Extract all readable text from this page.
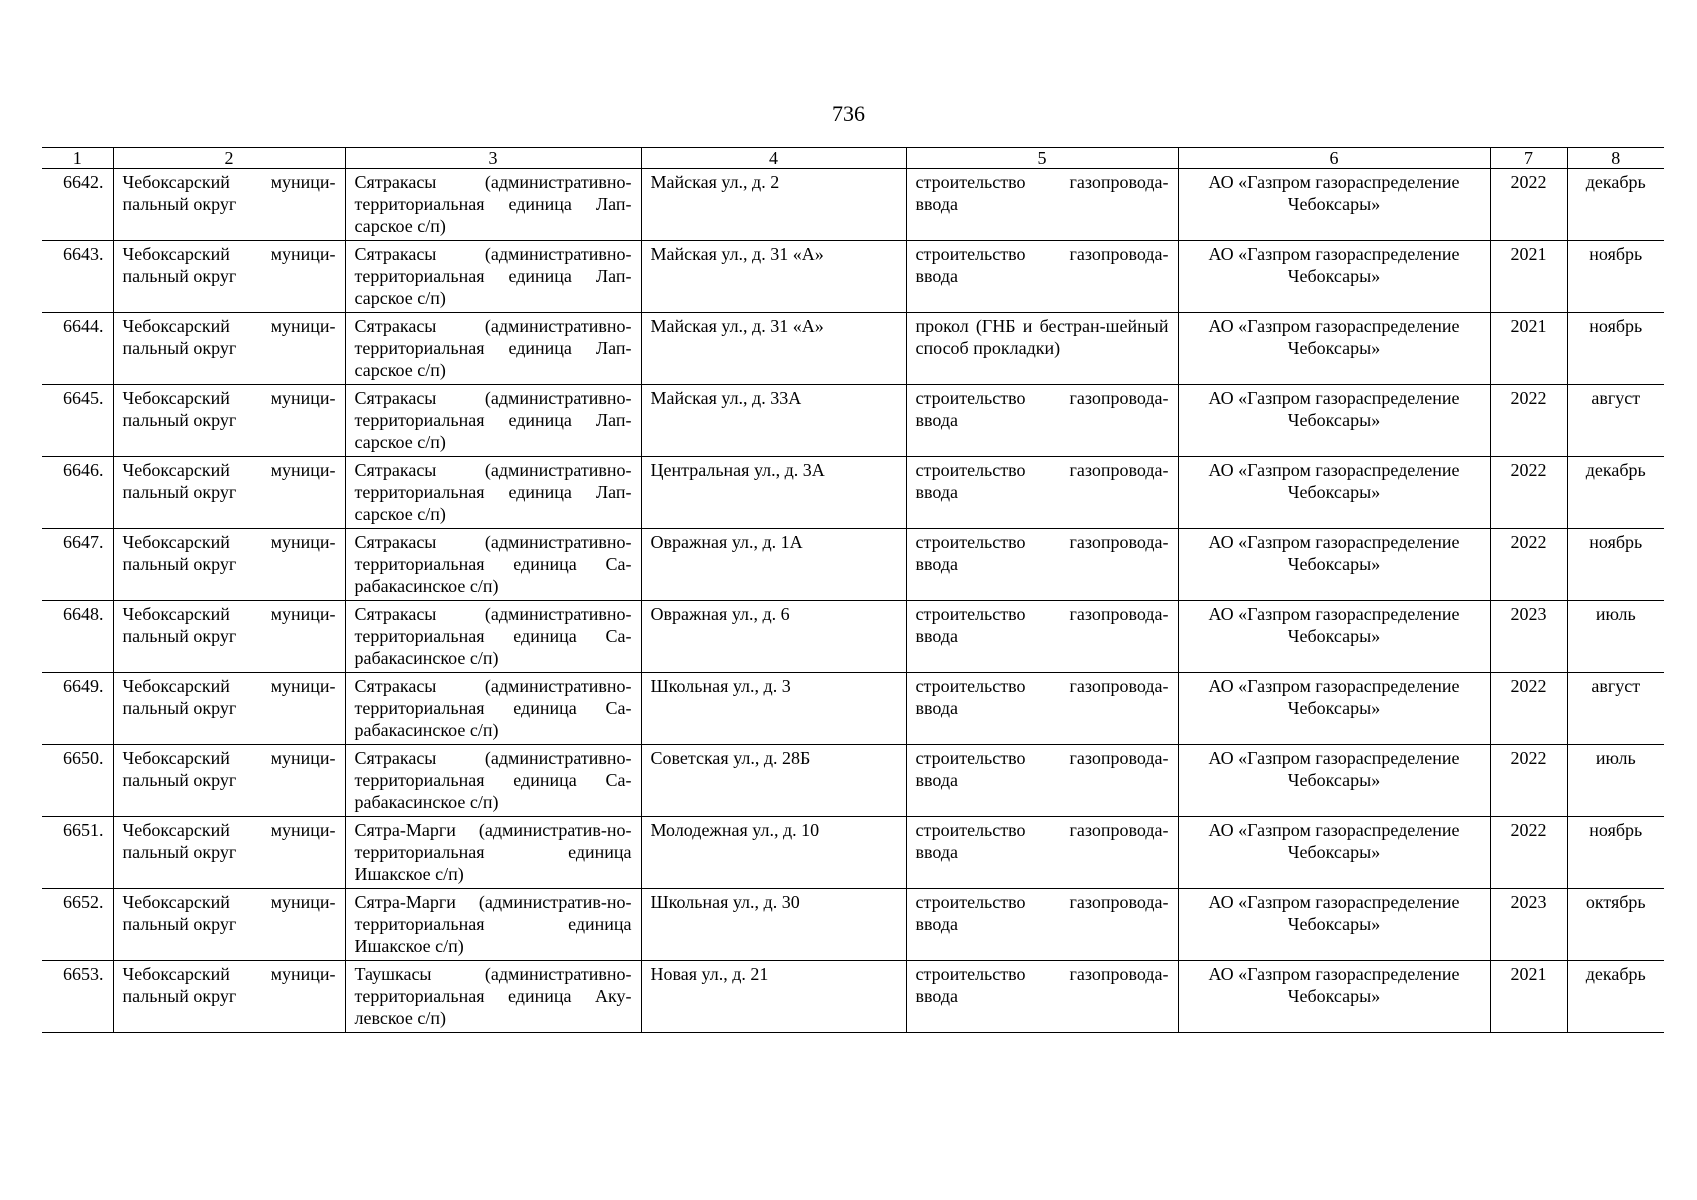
736
1	2	3	4	5	6	7	8
6642.	Чебоксарский муници-пальный округ	Сятракасы (административно-территориальная единица Лап-сарское с/п)	Майская ул., д. 2	строительство газопровода-ввода	АО «Газпром газораспределение Чебоксары»	2022	декабрь
6643.	Чебоксарский муници-пальный округ	Сятракасы (административно-территориальная единица Лап-сарское с/п)	Майская ул., д. 31 «А»	строительство газопровода-ввода	АО «Газпром газораспределение Чебоксары»	2021	ноябрь
6644.	Чебоксарский муници-пальный округ	Сятракасы (административно-территориальная единица Лап-сарское с/п)	Майская ул., д. 31 «А»	прокол (ГНБ и бестран-шейный способ прокладки)	АО «Газпром газораспределение Чебоксары»	2021	ноябрь
6645.	Чебоксарский муници-пальный округ	Сятракасы (административно-территориальная единица Лап-сарское с/п)	Майская ул., д. 33А	строительство газопровода-ввода	АО «Газпром газораспределение Чебоксары»	2022	август
6646.	Чебоксарский муници-пальный округ	Сятракасы (административно-территориальная единица Лап-сарское с/п)	Центральная ул., д. 3А	строительство газопровода-ввода	АО «Газпром газораспределение Чебоксары»	2022	декабрь
6647.	Чебоксарский муници-пальный округ	Сятракасы (административно-территориальная единица Са-рабакасинское с/п)	Овражная ул., д. 1А	строительство газопровода-ввода	АО «Газпром газораспределение Чебоксары»	2022	ноябрь
6648.	Чебоксарский муници-пальный округ	Сятракасы (административно-территориальная единица Са-рабакасинское с/п)	Овражная ул., д. 6	строительство газопровода-ввода	АО «Газпром газораспределение Чебоксары»	2023	июль
6649.	Чебоксарский муници-пальный округ	Сятракасы (административно-территориальная единица Са-рабакасинское с/п)	Школьная ул., д. 3	строительство газопровода-ввода	АО «Газпром газораспределение Чебоксары»	2022	август
6650.	Чебоксарский муници-пальный округ	Сятракасы (административно-территориальная единица Са-рабакасинское с/п)	Советская ул., д. 28Б	строительство газопровода-ввода	АО «Газпром газораспределение Чебоксары»	2022	июль
6651.	Чебоксарский муници-пальный округ	Сятра-Марги (административ-но-территориальная единица Ишакское с/п)	Молодежная ул., д. 10	строительство газопровода-ввода	АО «Газпром газораспределение Чебоксары»	2022	ноябрь
6652.	Чебоксарский муници-пальный округ	Сятра-Марги (административ-но-территориальная единица Ишакское с/п)	Школьная ул., д. 30	строительство газопровода-ввода	АО «Газпром газораспределение Чебоксары»	2023	октябрь
6653.	Чебоксарский муници-пальный округ	Таушкасы (административно-территориальная единица Аку-левское с/п)	Новая ул., д. 21	строительство газопровода-ввода	АО «Газпром газораспределение Чебоксары»	2021	декабрь
